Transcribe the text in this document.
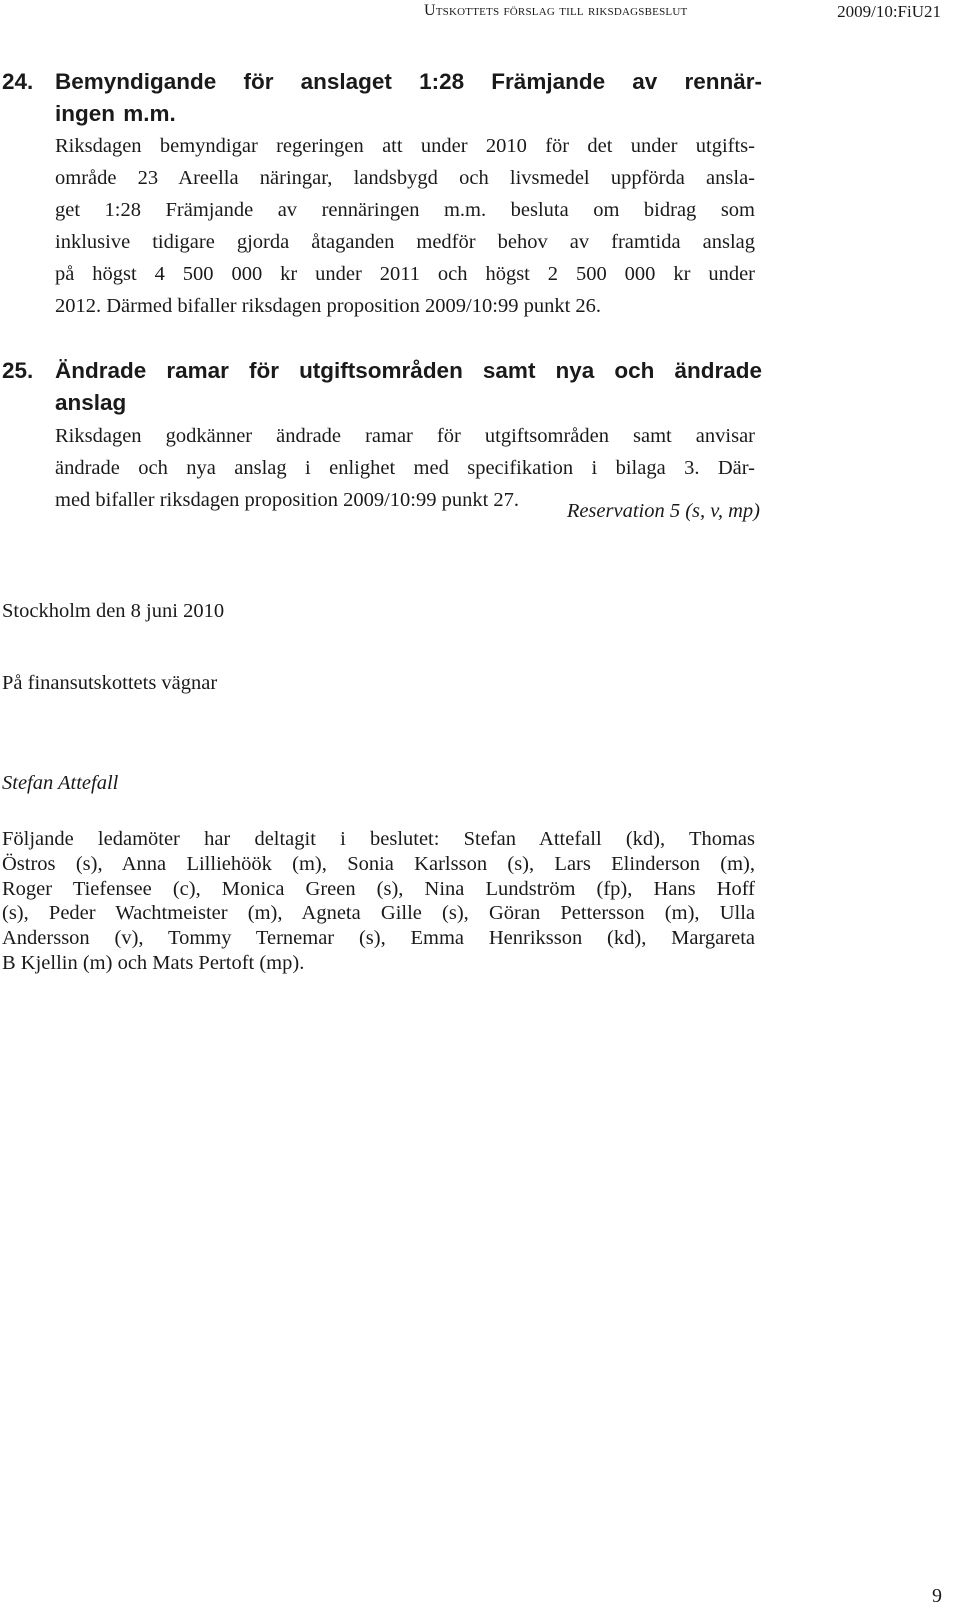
Utskottets förslag till riksdagsbeslut	2009/10:FiU21
24. Bemyndigande för anslaget 1:28 Främjande av rennär-
ingen m.m.
Riksdagen bemyndigar regeringen att under 2010 för det under utgifts-
område 23 Areella näringar, landsbygd och livsmedel uppförda ansla-
get 1:28 Främjande av rennäringen m.m. besluta om bidrag som
inklusive tidigare gjorda åtaganden medför behov av framtida anslag
på högst 4 500 000 kr under 2011 och högst 2 500 000 kr under
2012. Därmed bifaller riksdagen proposition 2009/10:99 punkt 26.
25. Ändrade ramar för utgiftsområden samt nya och ändrade
anslag
Riksdagen godkänner ändrade ramar för utgiftsområden samt anvisar
ändrade och nya anslag i enlighet med specifikation i bilaga 3. Där-
med bifaller riksdagen proposition 2009/10:99 punkt 27.	Reservation 5 (s, v, mp)
Stockholm den 8 juni 2010
På finansutskottets vägnar
Stefan Attefall
Följande ledamöter har deltagit i beslutet: Stefan Attefall (kd), Thomas
Östros (s), Anna Lilliehöök (m), Sonia Karlsson (s), Lars Elinderson (m),
Roger Tiefensee (c), Monica Green (s), Nina Lundström (fp), Hans Hoff
(s), Peder Wachtmeister (m), Agneta Gille (s), Göran Pettersson (m), Ulla
Andersson (v), Tommy Ternemar (s), Emma Henriksson (kd), Margareta
B Kjellin (m) och Mats Pertoft (mp).
9
